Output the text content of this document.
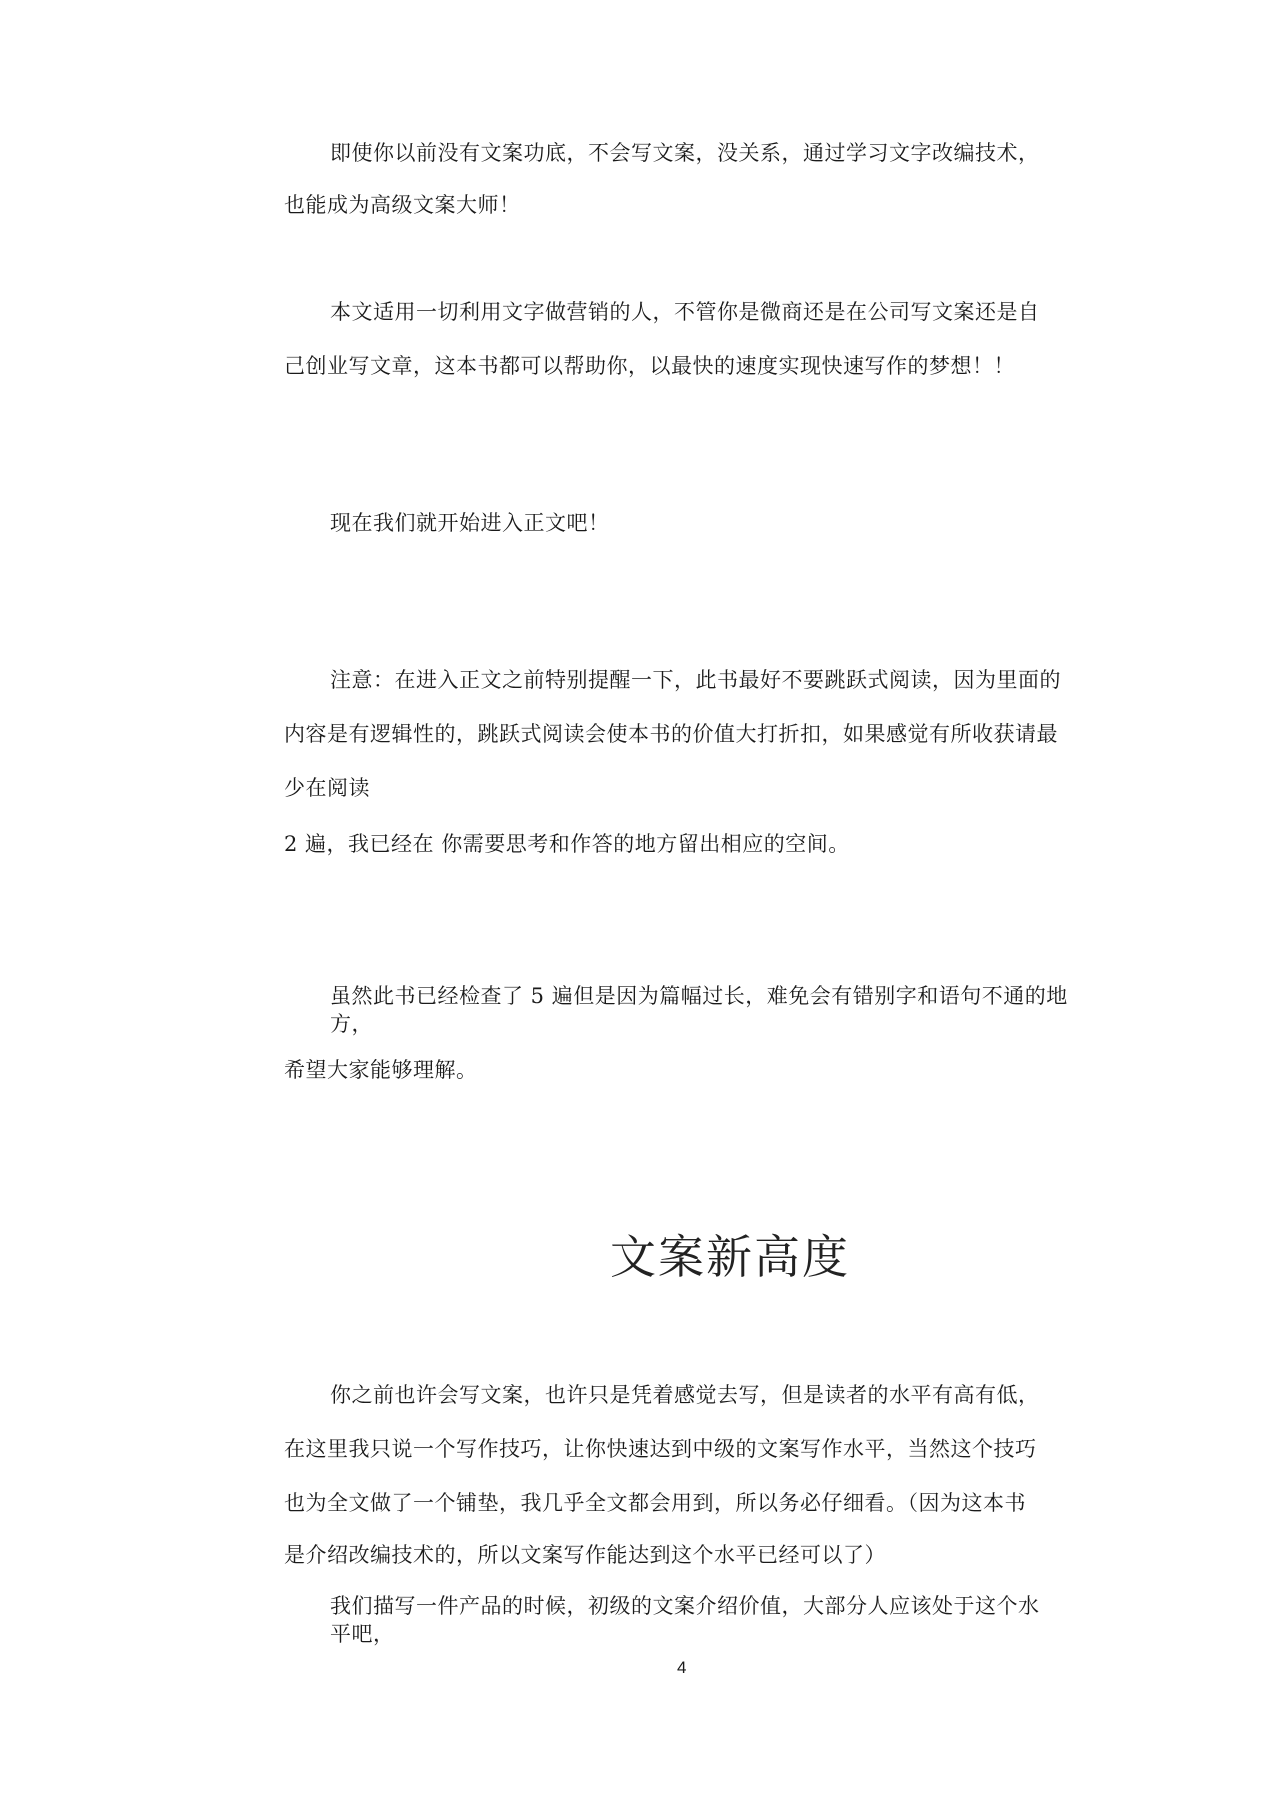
即使你以前没有文案功底，不会写文案，没关系，通过学习文字改编技术，
也能成为高级文案大师！
本文适用一切利用文字做营销的人，不管你是微商还是在公司写文案还是自
己创业写文章，这本书都可以帮助你，以最快的速度实现快速写作的梦想！！
现在我们就开始进入正文吧！
注意：在进入正文之前特别提醒一下，此书最好不要跳跃式阅读，因为里面的
内容是有逻辑性的，跳跃式阅读会使本书的价值大打折扣，如果感觉有所收获请最
少在阅读
2 遍，我已经在 你需要思考和作答的地方留出相应的空间。
虽然此书已经检查了 5 遍但是因为篇幅过长，难免会有错别字和语句不通的地
方，
希望大家能够理解。
文案新高度
你之前也许会写文案，也许只是凭着感觉去写，但是读者的水平有高有低，
在这里我只说一个写作技巧，让你快速达到中级的文案写作水平，当然这个技巧
也为全文做了一个铺垫，我几乎全文都会用到，所以务必仔细看。（因为这本书
是介绍改编技术的，所以文案写作能达到这个水平已经可以了）
我们描写一件产品的时候，初级的文案介绍价值，大部分人应该处于这个水
平吧，
4
